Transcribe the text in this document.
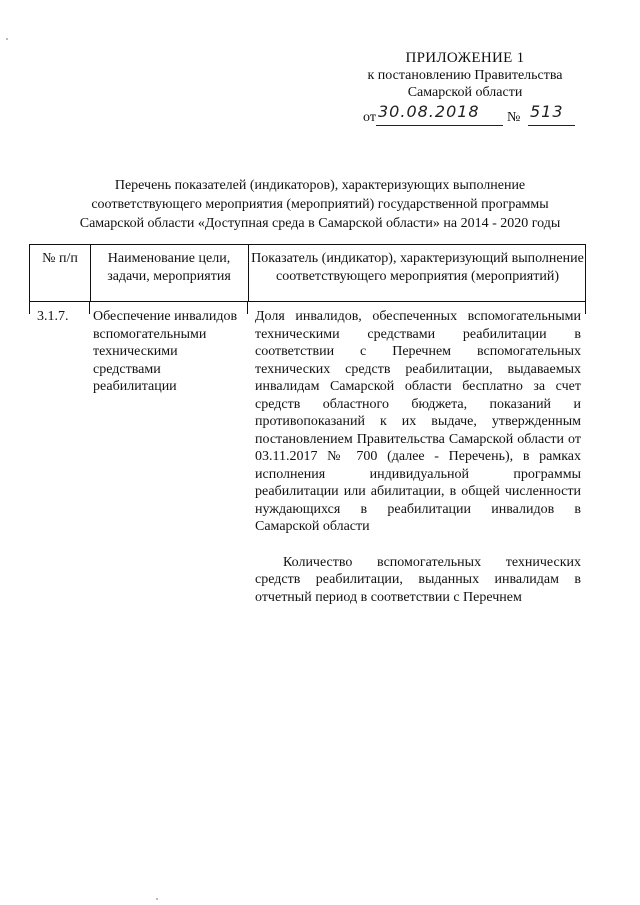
ПРИЛОЖЕНИЕ 1
к постановлению Правительства
Самарской области
от 30.08.2018 № 513
Перечень показателей (индикаторов), характеризующих выполнение
соответствующего мероприятия (мероприятий) государственной программы
Самарской области «Доступная среда в Самарской области» на 2014 - 2020 годы
№ п/п	Наименование цели, задачи, мероприятия
Показатель (индикатор), характеризующий выполнение соответствующего мероприятия (мероприятий)
3.1.7. Обеспечение инвалидов вспомогательными техническими средствами реабилитации
Доля инвалидов, обеспеченных вспомогательными техническими средствами реабилитации в соответствии с Перечнем вспомогательных технических средств реабилитации, выдаваемых инвалидам Самарской области бесплатно за счет средств областного бюджета, показаний и противопоказаний к их выдаче, утвержденным постановлением Правительства Самарской области от 03.11.2017 № 700 (далее - Перечень), в рамках исполнения индивидуальной программы реабилитации или абилитации, в общей численности нуждающихся в реабилитации инвалидов в Самарской области
Количество вспомогательных технических средств реабилитации, выданных инвалидам в отчетный период в соответствии с Перечнем
